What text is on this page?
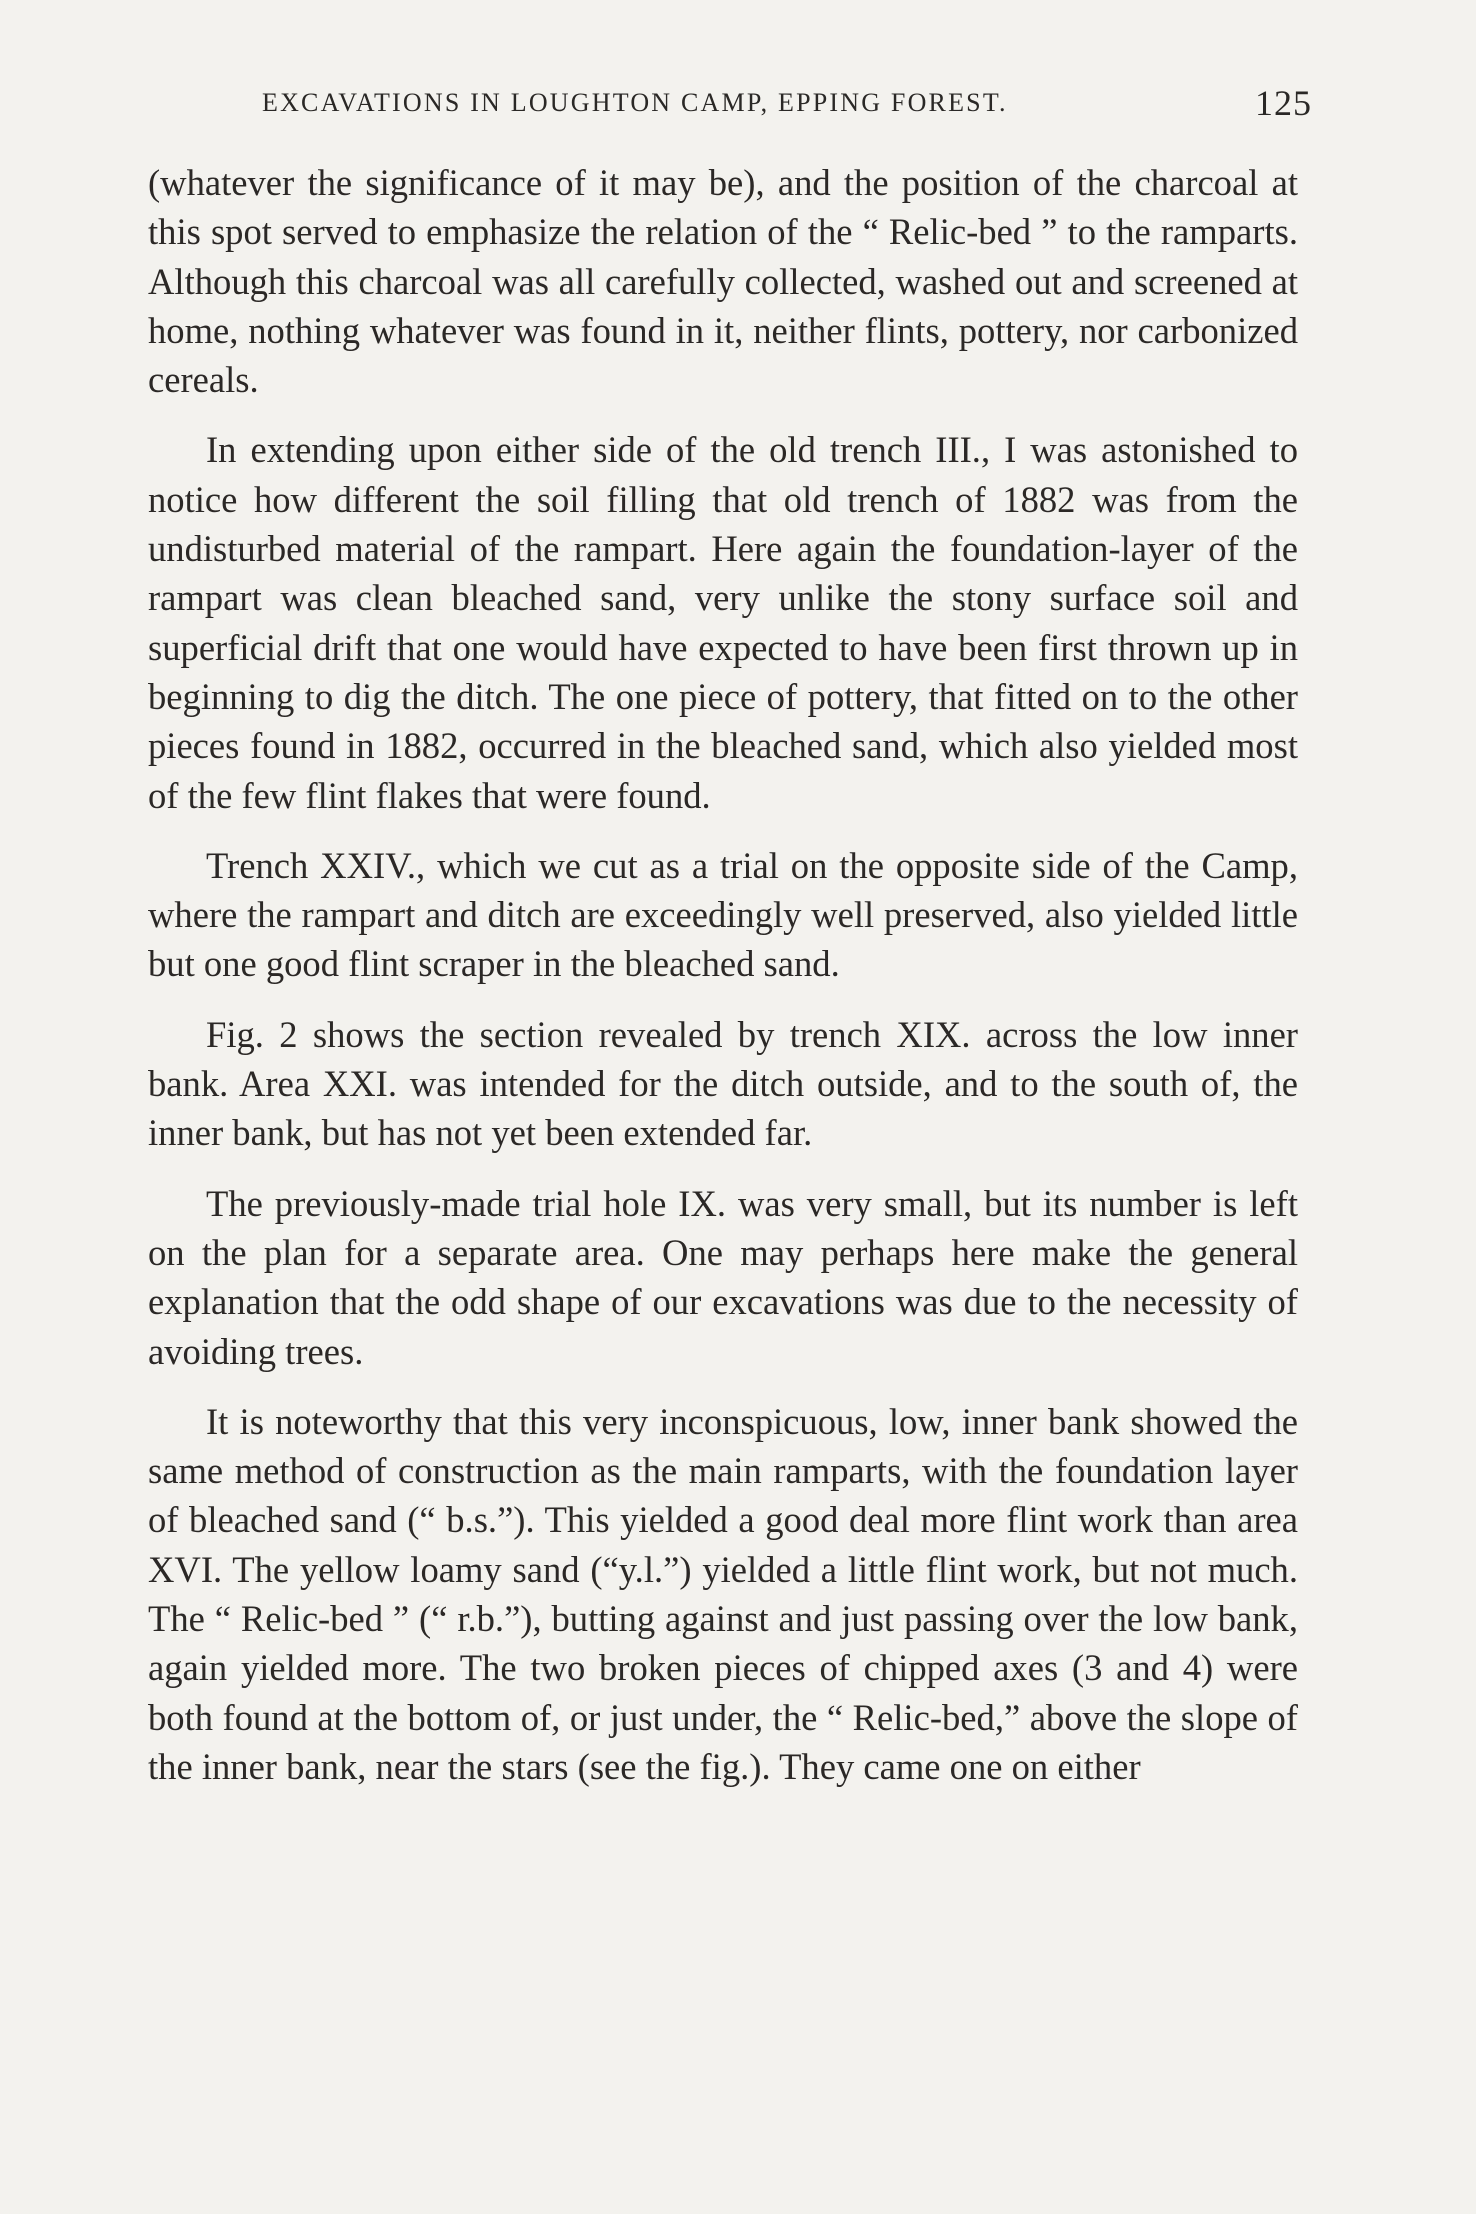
EXCAVATIONS IN LOUGHTON CAMP, EPPING FOREST.	125

(whatever the significance of it may be), and the position of the charcoal at this spot served to emphasize the relation of the “ Relic-bed ” to the ramparts. Although this charcoal was all carefully collected, washed out and screened at home, nothing whatever was found in it, neither flints, pottery, nor carbonized cereals.

In extending upon either side of the old trench III., I was astonished to notice how different the soil filling that old trench of 1882 was from the undisturbed material of the rampart. Here again the foundation-layer of the rampart was clean bleached sand, very unlike the stony surface soil and superficial drift that one would have expected to have been first thrown up in beginning to dig the ditch. The one piece of pottery, that fitted on to the other pieces found in 1882, occurred in the bleached sand, which also yielded most of the few flint flakes that were found.

Trench XXIV., which we cut as a trial on the opposite side of the Camp, where the rampart and ditch are exceedingly well preserved, also yielded little but one good flint scraper in the bleached sand.

Fig. 2 shows the section revealed by trench XIX. across the low inner bank. Area XXI. was intended for the ditch outside, and to the south of, the inner bank, but has not yet been extended far.

The previously-made trial hole IX. was very small, but its number is left on the plan for a separate area. One may perhaps here make the general explanation that the odd shape of our excavations was due to the necessity of avoiding trees.

It is noteworthy that this very inconspicuous, low, inner bank showed the same method of construction as the main ramparts, with the foundation layer of bleached sand (“ b.s.”). This yielded a good deal more flint work than area XVI. The yellow loamy sand (“y.l.”) yielded a little flint work, but not much. The “ Relic-bed ” (“ r.b.”), butting against and just passing over the low bank, again yielded more. The two broken pieces of chipped axes (3 and 4) were both found at the bottom of, or just under, the “ Relic-bed,” above the slope of the inner bank, near the stars (see the fig.). They came one on either
